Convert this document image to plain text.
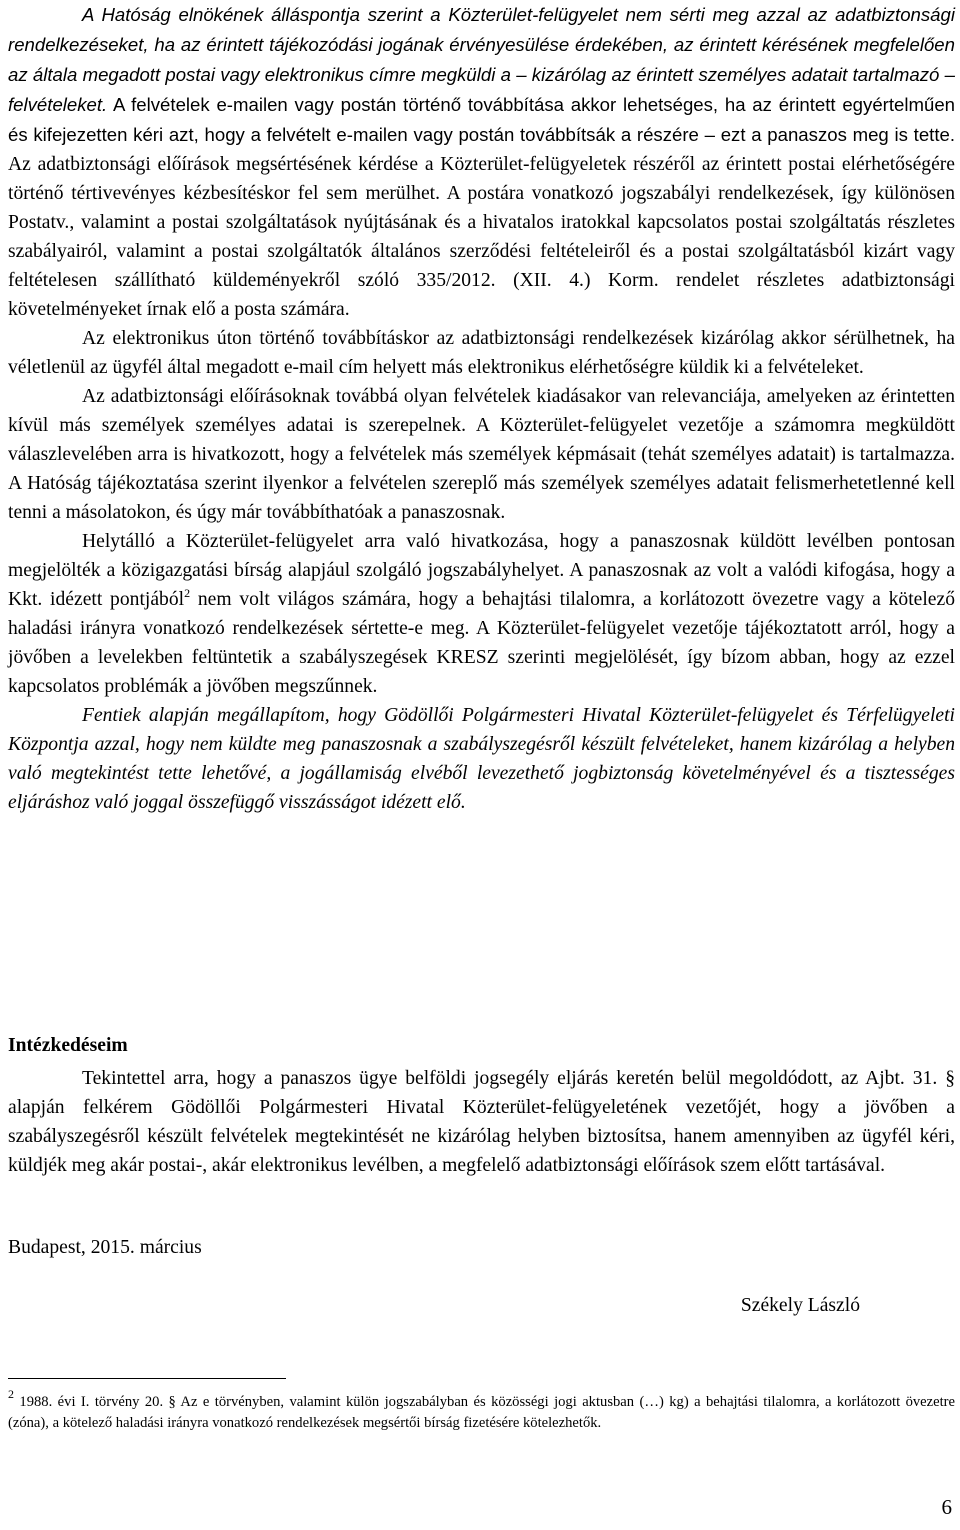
A Hatóság elnökének álláspontja szerint a Közterület-felügyelet nem sérti meg azzal az adatbiztonsági rendelkezéseket, ha az érintett tájékozódási jogának érvényesülése érdekében, az érintett kérésének megfelelően az általa megadott postai vagy elektronikus címre megküldi a – kizárólag az érintett személyes adatait tartalmazó – felvételeket. A felvételek e-mailen vagy postán történő továbbítása akkor lehetséges, ha az érintett egyértelműen és kifejezetten kéri azt, hogy a felvételt e-mailen vagy postán továbbítsák a részére – ezt a panaszos meg is tette. Az adatbiztonsági előírások megsértésének kérdése a Közterület-felügyeletek részéről az érintett postai elérhetőségére történő tértivevényes kézbesítéskor fel sem merülhet. A postára vonatkozó jogszabályi rendelkezések, így különösen Postatv., valamint a postai szolgáltatások nyújtásának és a hivatalos iratokkal kapcsolatos postai szolgáltatás részletes szabályairól, valamint a postai szolgáltatók általános szerződési feltételeiről és a postai szolgáltatásból kizárt vagy feltételesen szállítható küldeményekről szóló 335/2012. (XII. 4.) Korm. rendelet részletes adatbiztonsági követelményeket írnak elő a posta számára.

Az elektronikus úton történő továbbításkor az adatbiztonsági rendelkezések kizárólag akkor sérülhetnek, ha véletlenül az ügyfél által megadott e-mail cím helyett más elektronikus elérhetőségre küldik ki a felvételeket.

Az adatbiztonsági előírásoknak továbbá olyan felvételek kiadásakor van relevanciája, amelyeken az érintetten kívül más személyek személyes adatai is szerepelnek. A Közterület-felügyelet vezetője a számomra megküldött válaszlevelében arra is hivatkozott, hogy a felvételek más személyek képmásait (tehát személyes adatait) is tartalmazza. A Hatóság tájékoztatása szerint ilyenkor a felvételen szereplő más személyek személyes adatait felismerhetetlenné kell tenni a másolatokon, és úgy már továbbíthatóak a panaszosnak.

Helytálló a Közterület-felügyelet arra való hivatkozása, hogy a panaszosnak küldött levélben pontosan megjelölték a közigazgatási bírság alapjául szolgáló jogszabályhelyet. A panaszosnak az volt a valódi kifogása, hogy a Kkt. idézett pontjából$^2$ nem volt világos számára, hogy a behajtási tilalomra, a korlátozott övezetre vagy a kötelező haladási irányra vonatkozó rendelkezések sértette-e meg. A Közterület-felügyelet vezetője tájékoztatott arról, hogy a jövőben a levelekben feltüntetik a szabályszegések KRESZ szerinti megjelölését, így bízom abban, hogy az ezzel kapcsolatos problémák a jövőben megszűnnek.

Fentiek alapján megállapítom, hogy Gödöllői Polgármesteri Hivatal Közterület-felügyelet és Térfelügyeleti Központja azzal, hogy nem küldte meg panaszosnak a szabályszegésről készült felvételeket, hanem kizárólag a helyben való megtekintést tette lehetővé, a jogállamiság elvéből levezethető jogbiztonság követelményével és a tisztességes eljáráshoz való joggal összefüggő visszásságot idézett elő.

Intézkedéseim

Tekintettel arra, hogy a panaszos ügye belföldi jogsegély eljárás keretén belül megoldódott, az Ajbt. 31. § alapján felkérem Gödöllői Polgármesteri Hivatal Közterület-felügyeletének vezetőjét, hogy a jövőben a szabályszegésről készült felvételek megtekintését ne kizárólag helyben biztosítsa, hanem amennyiben az ügyfél kéri, küldjék meg akár postai-, akár elektronikus levélben, a megfelelő adatbiztonsági előírások szem előtt tartásával.

Budapest, 2015. március
Székely László

$^2$ 1988. évi I. törvény 20. § Az e törvényben, valamint külön jogszabályban és közösségi jogi aktusban (…) kg) a behajtási tilalomra, a korlátozott övezetre (zóna), a kötelező haladási irányra vonatkozó rendelkezések megsértői bírság fizetésére kötelezhetők.

6
